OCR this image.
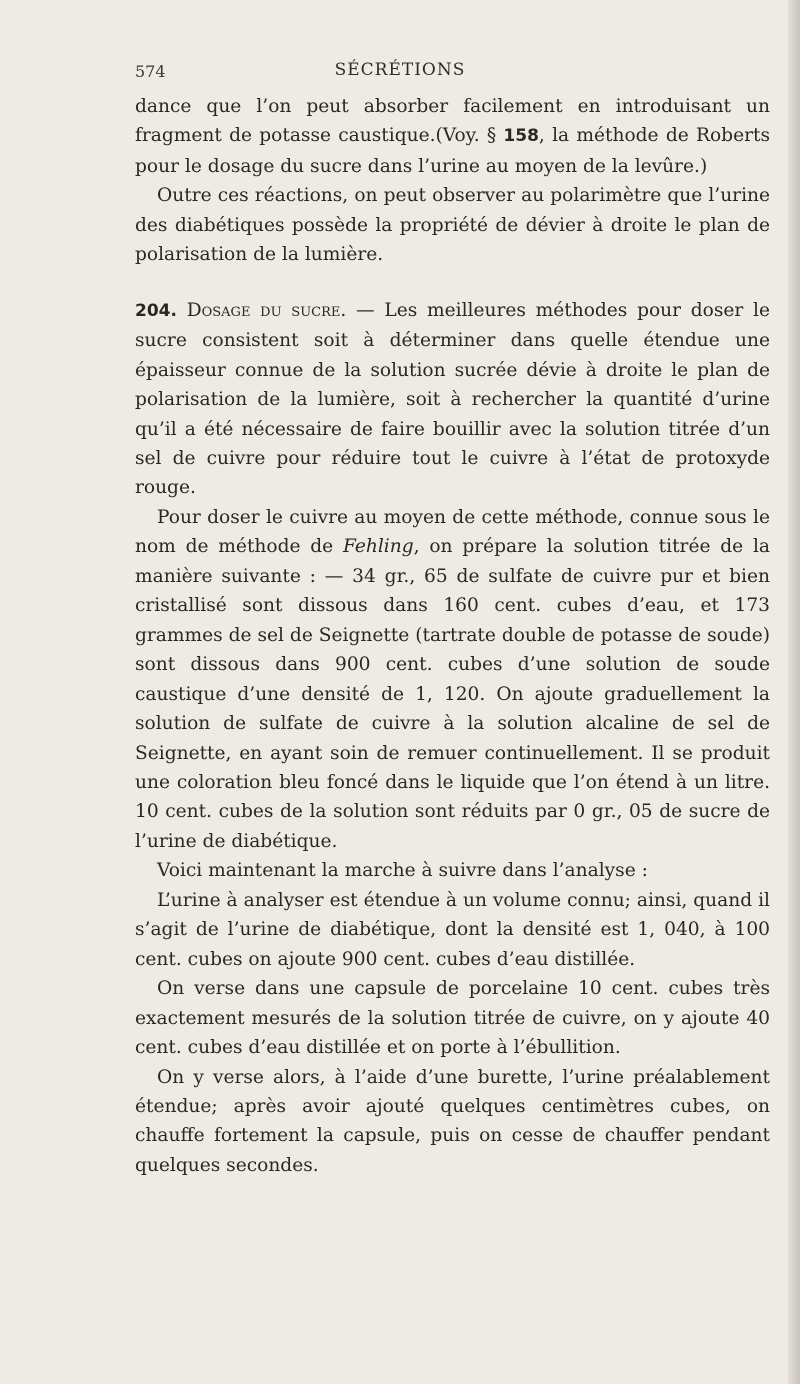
574	SÉCRÉTIONS

dance que l’on peut absorber facilement en introduisant un fragment de potasse caustique.(Voy. § 158, la méthode de Roberts pour le dosage du sucre dans l’urine au moyen de la levûre.)

Outre ces réactions, on peut observer au polarimètre que l’urine des diabétiques possède la propriété de dévier à droite le plan de polarisation de la lumière.

204. Dosage du sucre. — Les meilleures méthodes pour doser le sucre consistent soit à déterminer dans quelle étendue une épaisseur connue de la solution sucrée dévie à droite le plan de polarisation de la lumière, soit à rechercher la quantité d’urine qu’il a été nécessaire de faire bouillir avec la solution titrée d’un sel de cuivre pour réduire tout le cuivre à l’état de protoxyde rouge.

Pour doser le cuivre au moyen de cette méthode, connue sous le nom de méthode de Fehling, on prépare la solution titrée de la manière suivante : — 34 gr., 65 de sulfate de cuivre pur et bien cristallisé sont dissous dans 160 cent. cubes d’eau, et 173 grammes de sel de Seignette (tartrate double de potasse de soude) sont dissous dans 900 cent. cubes d’une solution de soude caustique d’une densité de 1, 120. On ajoute graduellement la solution de sulfate de cuivre à la solution alcaline de sel de Seignette, en ayant soin de remuer continuellement. Il se produit une coloration bleu foncé dans le liquide que l’on étend à un litre. 10 cent. cubes de la solution sont réduits par 0 gr., 05 de sucre de l’urine de diabétique.

Voici maintenant la marche à suivre dans l’analyse :

L’urine à analyser est étendue à un volume connu; ainsi, quand il s’agit de l’urine de diabétique, dont la densité est 1, 040, à 100 cent. cubes on ajoute 900 cent. cubes d’eau distillée.

On verse dans une capsule de porcelaine 10 cent. cubes très exactement mesurés de la solution titrée de cuivre, on y ajoute 40 cent. cubes d’eau distillée et on porte à l’ébullition.

On y verse alors, à l’aide d’une burette, l’urine préalablement étendue; après avoir ajouté quelques centimètres cubes, on chauffe fortement la capsule, puis on cesse de chauffer pendant quelques secondes.
